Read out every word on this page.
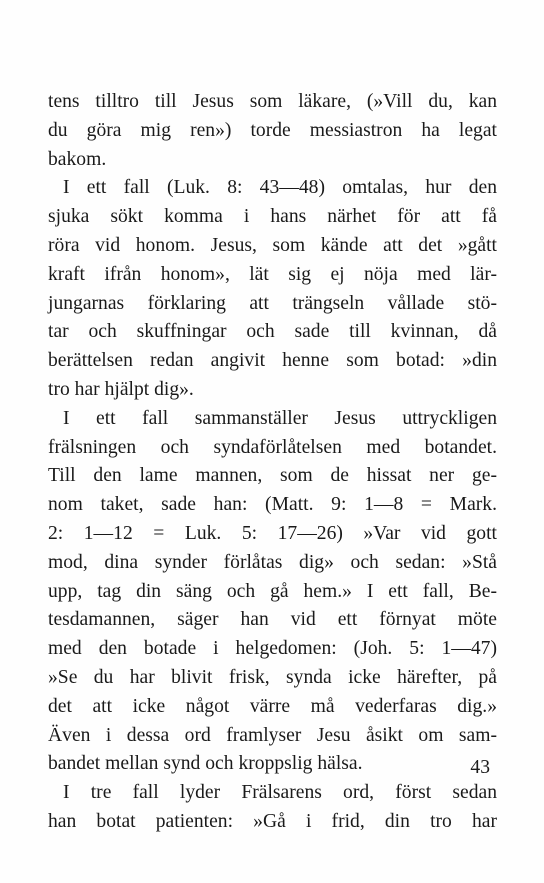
tens tilltro till Jesus som läkare, (»Vill du, kan
du göra mig ren») torde messiastron ha legat
bakom.
I ett fall (Luk. 8: 43—48) omtalas, hur den
sjuka sökt komma i hans närhet för att få
röra vid honom. Jesus, som kände att det »gått
kraft ifrån honom», lät sig ej nöja med lär-
jungarnas förklaring att trängseln vållade stö-
tar och skuffningar och sade till kvinnan, då
berättelsen redan angivit henne som botad: »din
tro har hjälpt dig».
I ett fall sammanställer Jesus uttryckligen
frälsningen och syndaförlåtelsen med botandet.
Till den lame mannen, som de hissat ner ge-
nom taket, sade han: (Matt. 9: 1—8 = Mark.
2: 1—12 = Luk. 5: 17—26) »Var vid gott
mod, dina synder förlåtas dig» och sedan: »Stå
upp, tag din säng och gå hem.» I ett fall, Be-
tesdamannen, säger han vid ett förnyat möte
med den botade i helgedomen: (Joh. 5: 1—47)
»Se du har blivit frisk, synda icke härefter, på
det att icke något värre må vederfaras dig.»
Även i dessa ord framlyser Jesu åsikt om sam-
bandet mellan synd och kroppslig hälsa.
I tre fall lyder Frälsarens ord, först sedan
han botat patienten: »Gå i frid, din tro har
43
